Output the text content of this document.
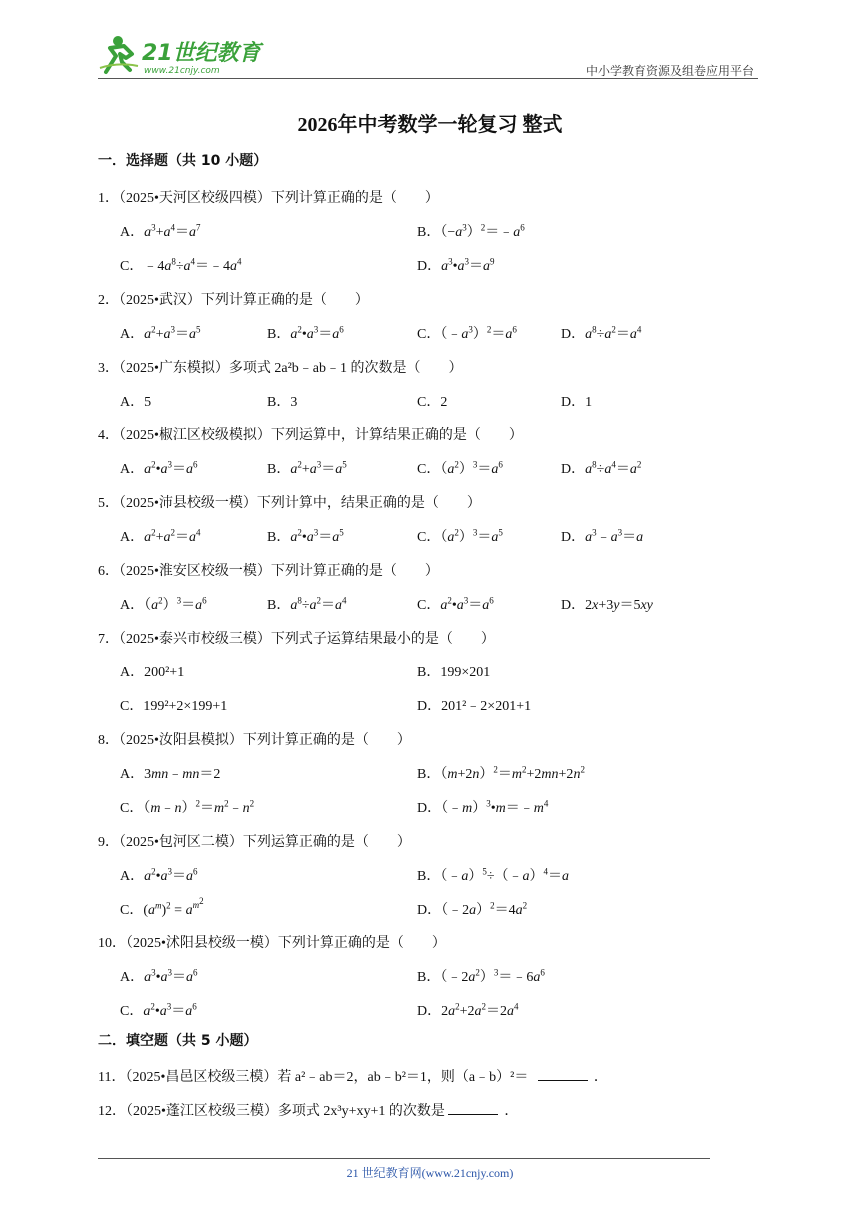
21世纪教育
www.21cnjy.com	中小学教育资源及组卷应用平台
2026年中考数学一轮复习 整式
一．选择题（共 10 小题）
1．（2025•天河区校级四模）下列计算正确的是（　　）
A．$a^3+a^4=a^7$	B．$(-a^3)^2=﹣a^6$
C．$﹣4a^8\div a^4=﹣4a^4$	D．$a^3•a^3=a^9$
2．（2025•武汉）下列计算正确的是（　　）
A．$a^2+a^3=a^5$	B．$a^2•a^3=a^6$	C．$(﹣a^3)^2=a^6$	D．$a^8\div a^2=a^4$
3．（2025•广东模拟）多项式 2a²b﹣ab﹣1 的次数是（　　）
A．5	B．3	C．2	D．1
4．（2025•椒江区校级模拟）下列运算中，计算结果正确的是（　　）
A．$a^2•a^3=a^6$	B．$a^2+a^3=a^5$	C．$(a^2)^3=a^6$	D．$a^8\div a^4=a^2$
5．（2025•沛县校级一模）下列计算中，结果正确的是（　　）
A．$a^2+a^2=a^4$	B．$a^2•a^3=a^5$	C．$(a^2)^3=a^5$	D．$a^3﹣a^3=a$
6．（2025•淮安区校级一模）下列计算正确的是（　　）
A．$(a^2)^3=a^6$	B．$a^8\div a^2=a^4$	C．$a^2•a^3=a^6$	D．2x+3y＝5xy
7．（2025•泰兴市校级三模）下列式子运算结果最小的是（　　）
A．200²+1	B．199×201
C．199²+2×199+1	D．201²﹣2×201+1
8．（2025•汝阳县模拟）下列计算正确的是（　　）
A．3mn﹣mn＝2	B．$(m+2n)^2=m^2+2mn+2n^2$
C．$(m﹣n)^2=m^2﹣n^2$	D．$(﹣m)^3•m=﹣m^4$
9．（2025•包河区二模）下列运算正确的是（　　）
A．$a^2•a^3=a^6$	B．（﹣a）$^5$÷（﹣a）$^4$＝a
C．$(a^m)^2 = a^{m^2}$
D．$(﹣2a)^2=4a^2$
10．（2025•沭阳县校级一模）下列计算正确的是（　　）
A．$a^3•a^3=a^6$	B．$(﹣2a^2)^3=﹣6a^6$
C．$a^2•a^3=a^6$	D．$2a^2+2a^2=2a^4$
二．填空题（共 5 小题）
11．（2025•昌邑区校级三模）若 a²﹣ab＝2，ab﹣b²＝1，则（a﹣b）²＝	．
12．（2025•蓬江区校级三模）多项式 2x³y+xy+1 的次数是	．
21 世纪教育网(www.21cnjy.com)
